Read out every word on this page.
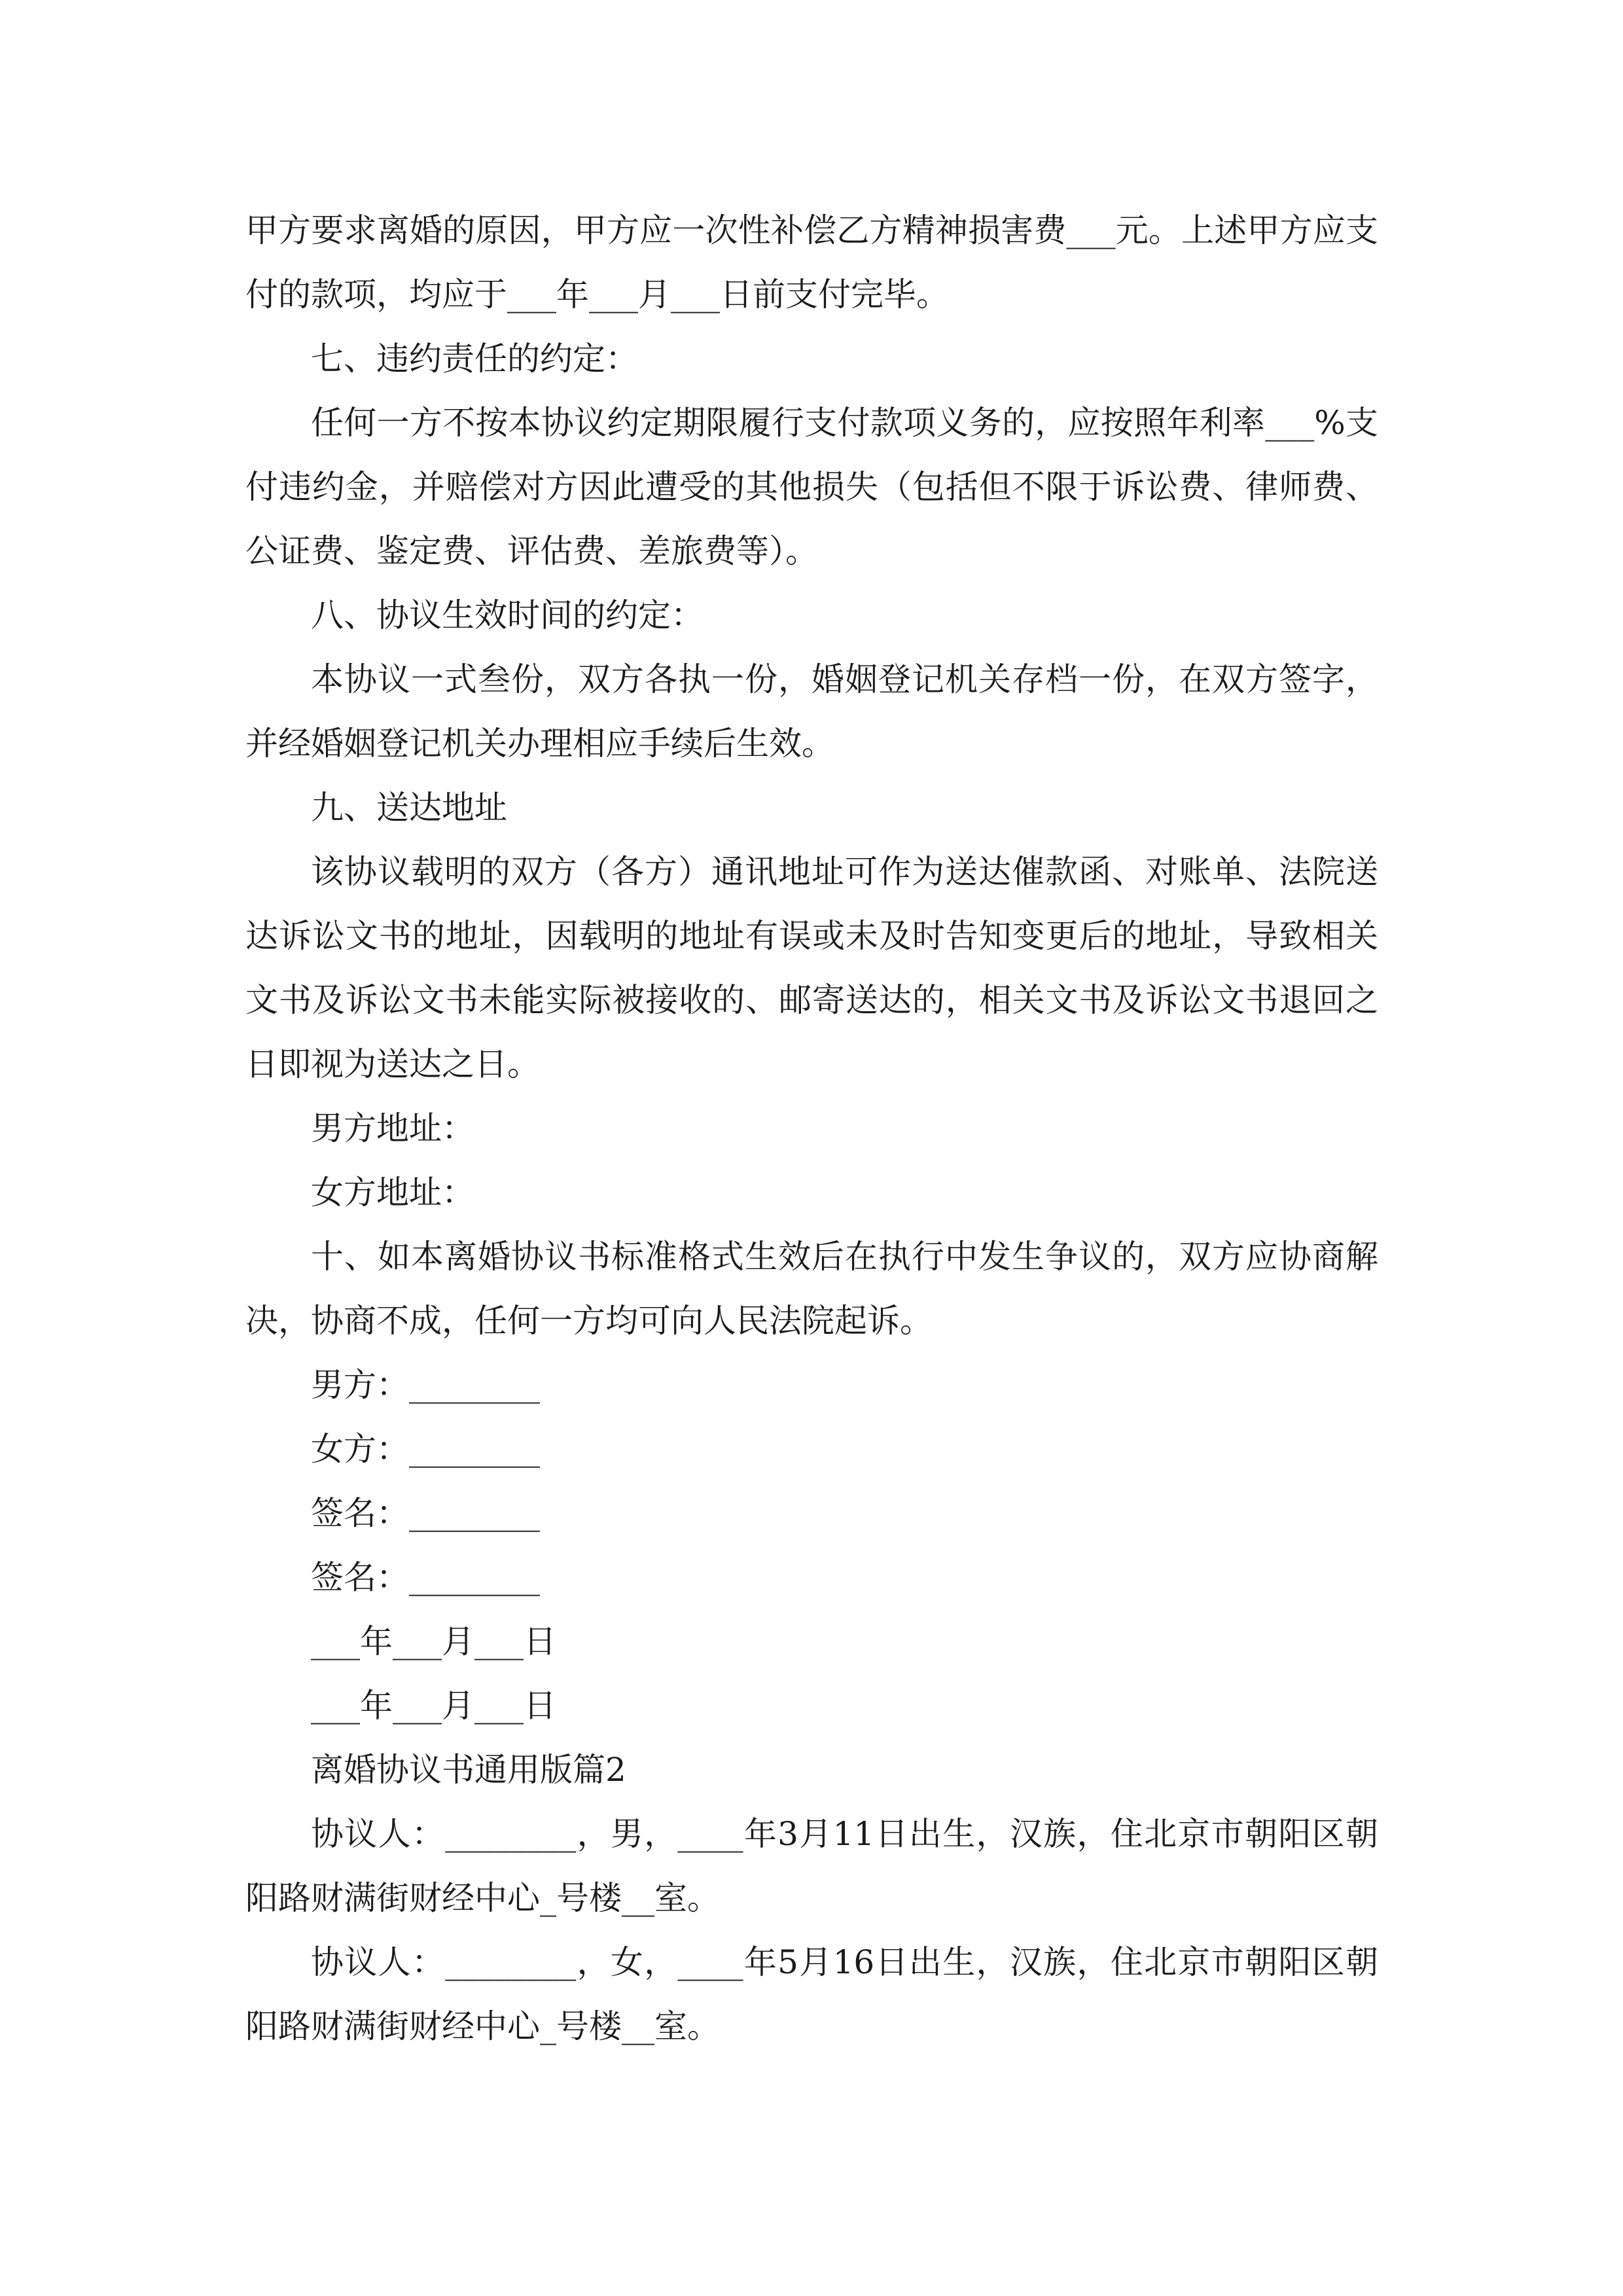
甲方要求离婚的原因，甲方应一次性补偿乙方精神损害费___元。上述甲方应支付的款项，均应于___年___月___日前支付完毕。

七、违约责任的约定：

任何一方不按本协议约定期限履行支付款项义务的，应按照年利率___%支付违约金，并赔偿对方因此遭受的其他损失（包括但不限于诉讼费、律师费、公证费、鉴定费、评估费、差旅费等）。

八、协议生效时间的约定：

本协议一式叁份，双方各执一份，婚姻登记机关存档一份，在双方签字，并经婚姻登记机关办理相应手续后生效。

九、送达地址

该协议载明的双方（各方）通讯地址可作为送达催款函、对账单、法院送达诉讼文书的地址，因载明的地址有误或未及时告知变更后的地址，导致相关文书及诉讼文书未能实际被接收的、邮寄送达的，相关文书及诉讼文书退回之日即视为送达之日。

男方地址：

女方地址：

十、如本离婚协议书标准格式生效后在执行中发生争议的，双方应协商解决，协商不成，任何一方均可向人民法院起诉。

男方：________

女方：________

签名：________

签名：________

___年___月___日

___年___月___日

离婚协议书通用版篇2

协议人：________，男，____年3月11日出生，汉族，住北京市朝阳区朝阳路财满街财经中心_号楼__室。

协议人：________，女，____年5月16日出生，汉族，住北京市朝阳区朝阳路财满街财经中心_号楼__室。
